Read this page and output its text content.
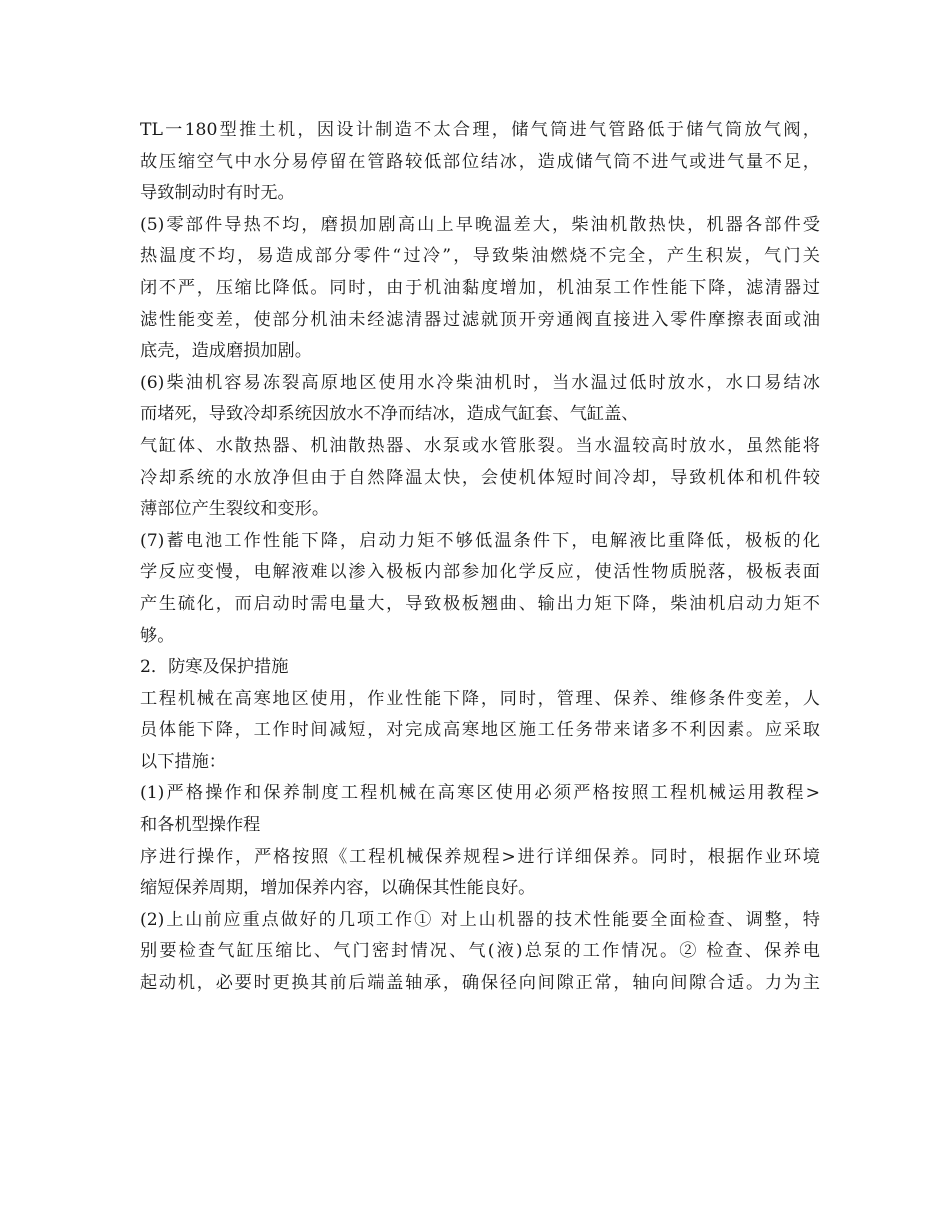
TL一180型推土机，因设计制造不太合理，储气筒进气管路低于储气筒放气阀，
故压缩空气中水分易停留在管路较低部位结冰，造成储气筒不进气或进气量不足，
导致制动时有时无。
(5)零部件导热不均，磨损加剧高山上早晚温差大，柴油机散热快，机器各部件受
热温度不均，易造成部分零件“过冷”，导致柴油燃烧不完全，产生积炭，气门关
闭不严，压缩比降低。同时，由于机油黏度增加，机油泵工作性能下降，滤清器过
滤性能变差，使部分机油未经滤清器过滤就顶开旁通阀直接进入零件摩擦表面或油
底壳，造成磨损加剧。
(6)柴油机容易冻裂高原地区使用水冷柴油机时，当水温过低时放水，水口易结冰
而堵死，导致冷却系统因放水不净而结冰，造成气缸套、气缸盖、
气缸体、水散热器、机油散热器、水泵或水管胀裂。当水温较高时放水，虽然能将
冷却系统的水放净但由于自然降温太快，会使机体短时间冷却，导致机体和机件较
薄部位产生裂纹和变形。
(7)蓄电池工作性能下降，启动力矩不够低温条件下，电解液比重降低，极板的化
学反应变慢，电解液难以渗入极板内部参加化学反应，使活性物质脱落，极板表面
产生硫化，而启动时需电量大，导致极板翘曲、输出力矩下降，柴油机启动力矩不
够。
2．防寒及保护措施
工程机械在高寒地区使用，作业性能下降，同时，管理、保养、维修条件变差，人
员体能下降，工作时间减短，对完成高寒地区施工任务带来诸多不利因素。应采取
以下措施：
(1)严格操作和保养制度工程机械在高寒区使用必须严格按照工程机械运用教程>
和各机型操作程
序进行操作，严格按照《工程机械保养规程>进行详细保养。同时，根据作业环境
缩短保养周期，增加保养内容，以确保其性能良好。
(2)上山前应重点做好的几项工作① 对上山机器的技术性能要全面检查、调整，特
别要检查气缸压缩比、气门密封情况、气(液)总泵的工作情况。② 检查、保养电
起动机，必要时更换其前后端盖轴承，确保径向间隙正常，轴向间隙合适。力为主
